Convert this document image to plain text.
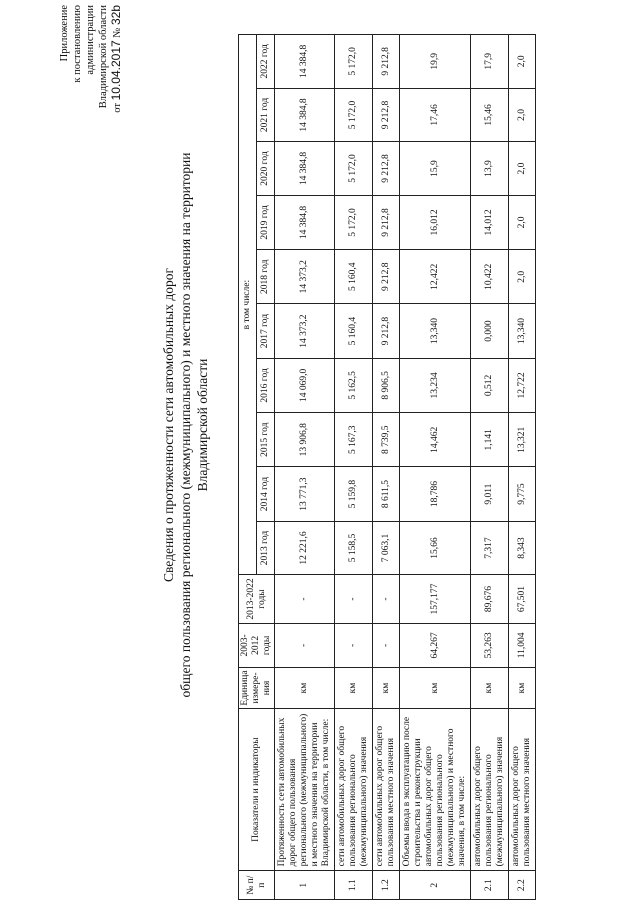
Приложение к постановлению администрации Владимирской области от 10.04.2017 № 32b
Сведения о протяженности сети автомобильных дорог общего пользования регионального (межмуниципального) и местного значения на территории Владимирской области
№ п/п	Показатели и индикаторы	Единица измере-ния	2003-2012 годы	2013-2022 годы	в том числе:									
					2013 год	2014 год	2015 год	2016 год	2017 год	2018 год	2019 год	2020 год	2021 год	2022 год
1	Протяженность сети автомобильных дорог общего пользования регионального (межмуниципального) и местного значения на территории Владимирской области, в том числе:	км	-	-	12 221,6	13 771,3	13 906,8	14 069,0	14 373,2	14 373,2	14 384,8	14 384,8	14 384,8	14 384,8
1.1	сети автомобильных дорог общего пользования регионального (межмуниципального) значения	км	-	-	5 158,5	5 159,8	5 167,3	5 162,5	5 160,4	5 160,4	5 172,0	5 172,0	5 172,0	5 172,0
1.2	сети автомобильных дорог общего пользования местного значения	км	-	-	7 063,1	8 611,5	8 739,5	8 906,5	9 212,8	9 212,8	9 212,8	9 212,8	9 212,8	9 212,8
2	Объемы ввода в эксплуатацию после строительства и реконструкции автомобильных дорог общего пользования регионального (межмуниципального) и местного значения, в том числе:	км	64,267	157,177	15,66	18,786	14,462	13,234	13,340	12,422	16,012	15,9	17,46	19,9
2.1	автомобильных дорог общего пользования регионального (межмуниципального) значения	км	53,263	89,676	7,317	9,011	1,141	0,512	0,000	10,422	14,012	13,9	15,46	17,9
2.2	автомобильных дорог общего пользования местного значения	км	11,004	67,501	8,343	9,775	13,321	12,722	13,340	2,0	2,0	2,0	2,0	2,0
